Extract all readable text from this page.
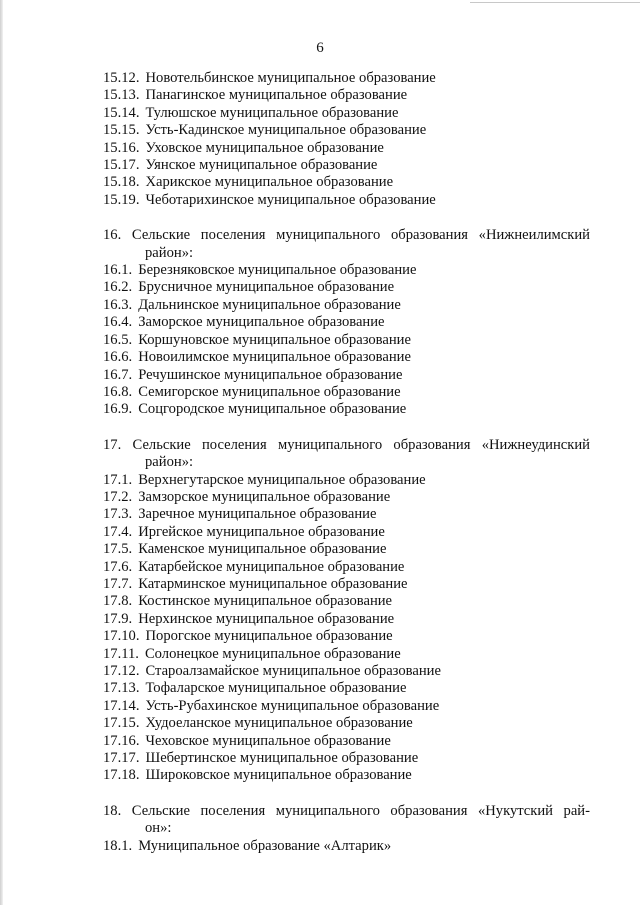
6
15.12. Новотельбинское муниципальное образование
15.13. Панагинское муниципальное образование
15.14. Тулюшское муниципальное образование
15.15. Усть-Кадинское муниципальное образование
15.16. Уховское муниципальное образование
15.17. Уянское муниципальное образование
15.18. Харикское муниципальное образование
15.19. Чеботарихинское муниципальное образование
16. Сельские поселения муниципального образования «Нижнеилимский
район»:
16.1. Березняковское муниципальное образование
16.2. Брусничное муниципальное образование
16.3. Дальнинское муниципальное образование
16.4. Заморское муниципальное образование
16.5. Коршуновское муниципальное образование
16.6. Новоилимское муниципальное образование
16.7. Речушинское муниципальное образование
16.8. Семигорское муниципальное образование
16.9. Соцгородское муниципальное образование
17. Сельские поселения муниципального образования «Нижнеудинский
район»:
17.1. Верхнегутарское муниципальное образование
17.2. Замзорское муниципальное образование
17.3. Заречное муниципальное образование
17.4. Иргейское муниципальное образование
17.5. Каменское муниципальное образование
17.6. Катарбейское муниципальное образование
17.7. Катарминское муниципальное образование
17.8. Костинское муниципальное образование
17.9. Нерхинское муниципальное образование
17.10. Порогское муниципальное образование
17.11. Солонецкое муниципальное образование
17.12. Староалзамайское муниципальное образование
17.13. Тофаларское муниципальное образование
17.14. Усть-Рубахинское муниципальное образование
17.15. Худоеланское муниципальное образование
17.16. Чеховское муниципальное образование
17.17. Шебертинское муниципальное образование
17.18. Широковское муниципальное образование
18. Сельские поселения муниципального образования «Нукутский рай-
он»:
18.1. Муниципальное образование «Алтарик»
